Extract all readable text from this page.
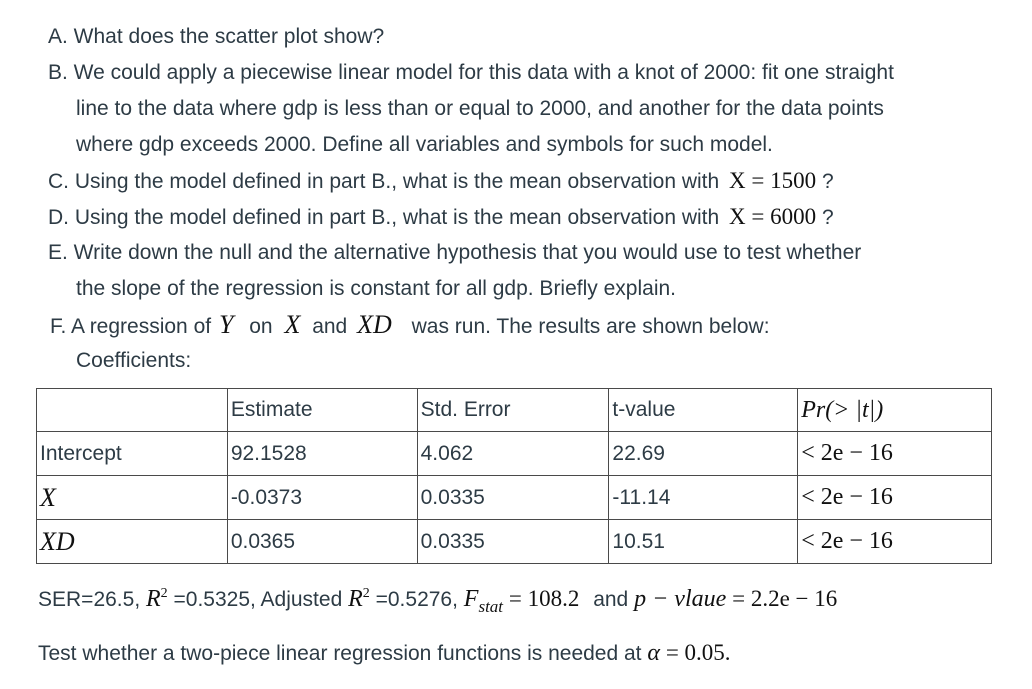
A. What does the scatter plot show?
B. We could apply a piecewise linear model for this data with a knot of 2000: fit one straight
line to the data where gdp is less than or equal to 2000, and another for the data points
where gdp exceeds 2000. Define all variables and symbols for such model.
C. Using the model defined in part B., what is the mean observation with X = 1500 ?
D. Using the model defined in part B., what is the mean observation with X = 6000 ?
E. Write down the null and the alternative hypothesis that you would use to test whether
the slope of the regression is constant for all gdp. Briefly explain.
F. A regression of Y on X and XD was run. The results are shown below:
Coefficients:
	Estimate	Std. Error	t-value	Pr(> |t|)
Intercept	92.1528	4.062	22.69	< 2e − 16
X	-0.0373	0.0335	-11.14	< 2e − 16
XD	0.0365	0.0335	10.51	< 2e − 16
SER=26.5, $R^2 =0.5325$, Adjusted $R^2 =0.5276$, $F_{stat} = 108.2$ and p − vlaue = 2.2e − 16
Test whether a two-piece linear regression functions is needed at α = 0.05.
